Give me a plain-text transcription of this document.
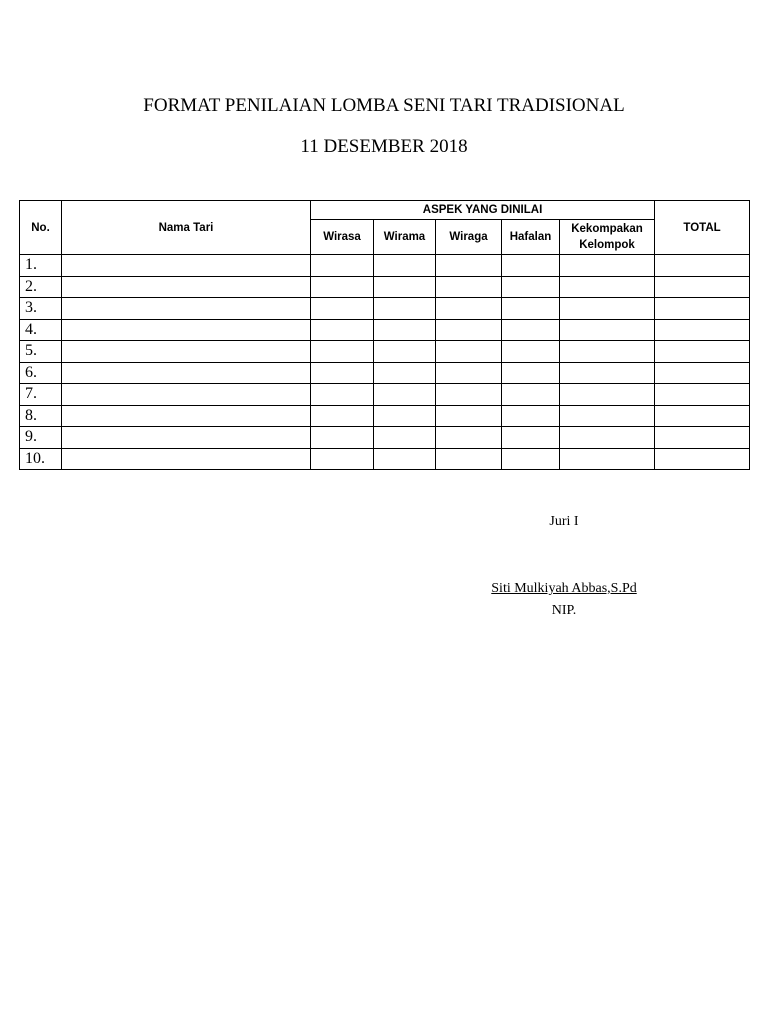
FORMAT PENILAIAN LOMBA SENI TARI TRADISIONAL
11 DESEMBER 2018
No.	Nama Tari	ASPEK YANG DINILAI					TOTAL
		Wirasa	Wirama	Wiraga	Hafalan	Kekompakan Kelompok	
1.							
2.							
3.							
4.							
5.							
6.							
7.							
8.							
9.							
10.							
Juri I
Siti Mulkiyah Abbas,S.Pd
NIP.
